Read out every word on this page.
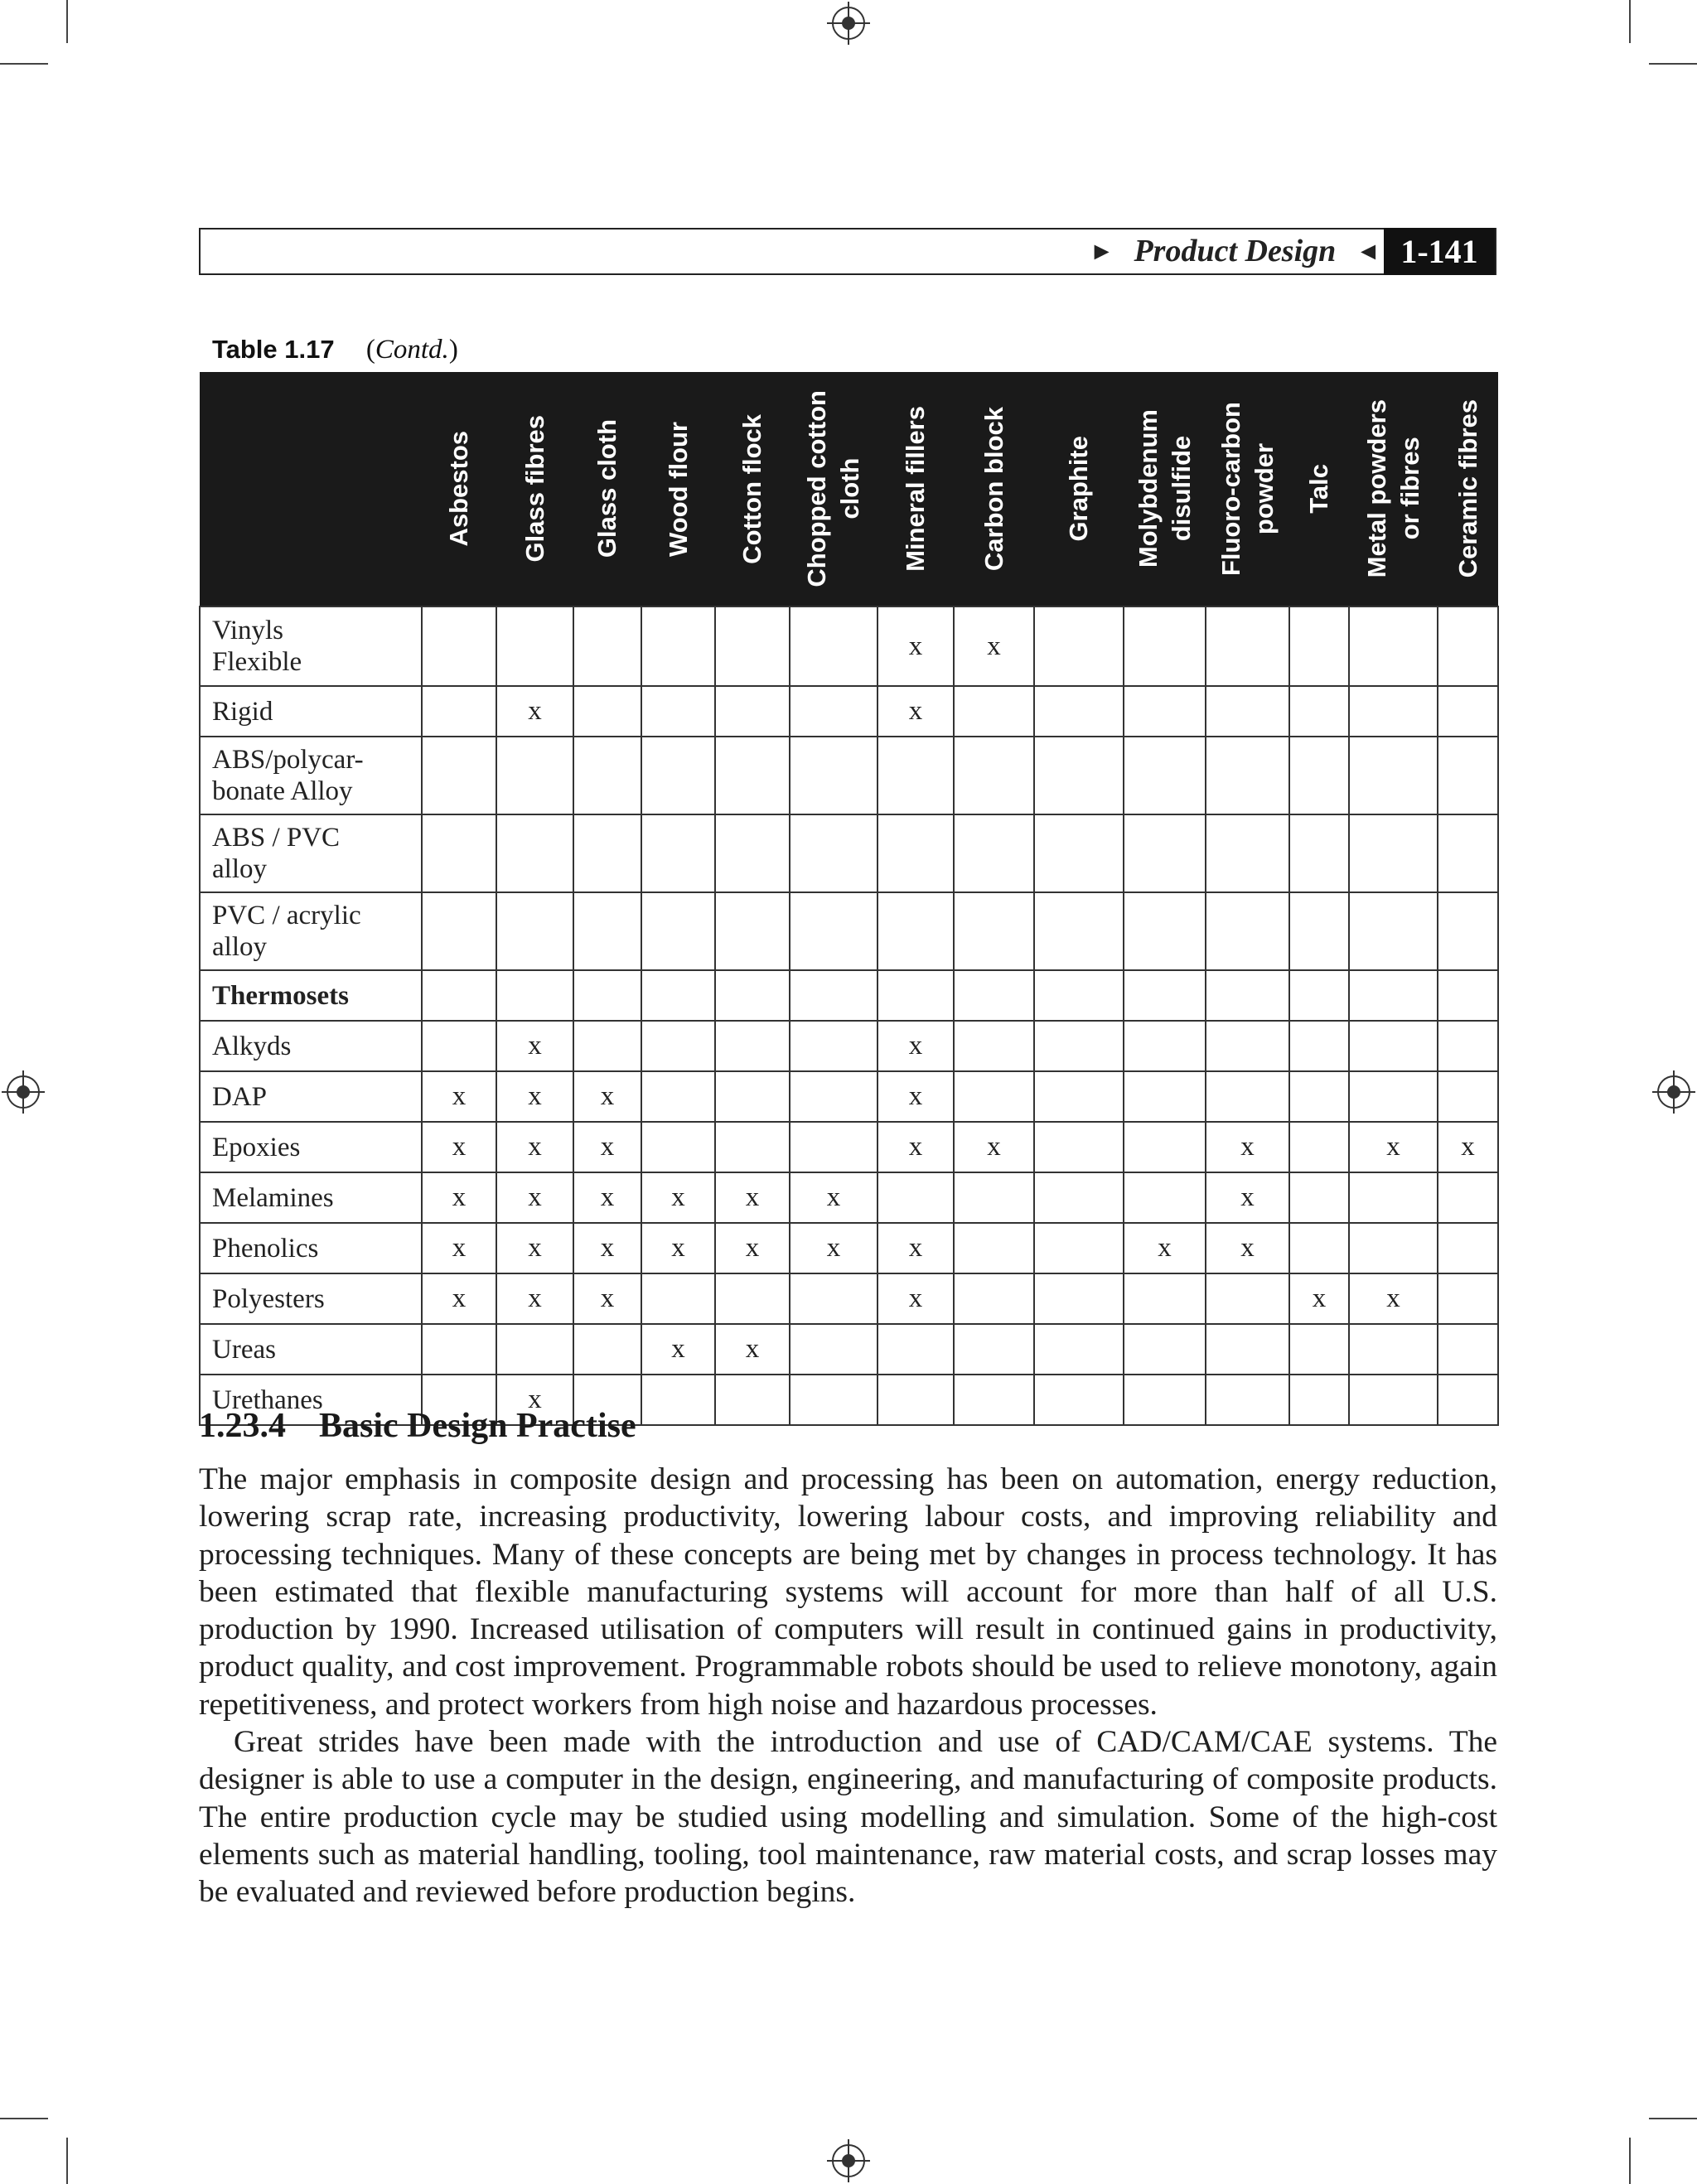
► Product Design ◄ 1-141
Table 1.17 (Contd.)

	Asbestos	Glass fibres	Glass cloth	Wood flour	Cotton flock	Chopped cotton
cloth	Mineral fillers	Carbon block	Graphite	Molybdenum
disulfide	Fluoro-carbon
powder	Talc	Metal powders
or fibres	Ceramic fibres

Vinyls
Flexible							x	x						
Rigid		x					x							
ABS/polycar-
bonate Alloy														
ABS / PVC
alloy														
PVC / acrylic
alloy														
Thermosets														
Alkyds		x					x							
DAP	x	x	x				x							
Epoxies	x	x	x				x	x			x		x	x
Melamines	x	x	x	x	x	x					x			
Phenolics	x	x	x	x	x	x	x			x	x			
Polyesters	x	x	x				x					x	x	
Ureas				x	x									
Urethanes		x												
1.23.4 Basic Design Practise

The major emphasis in composite design and processing has been on automation, energy reduction, lowering scrap rate, increasing productivity, lowering labour costs, and improving reliability and processing techniques. Many of these concepts are being met by changes in process technology. It has been estimated that flexible manufacturing systems will account for more than half of all U.S. production by 1990. Increased utilisation of computers will result in continued gains in productivity, product quality, and cost improvement. Programmable robots should be used to relieve monotony, again repetitiveness, and protect workers from high noise and hazardous processes.

Great strides have been made with the introduction and use of CAD/CAM/CAE systems. The designer is able to use a computer in the design, engineering, and manufacturing of composite products. The entire production cycle may be studied using modelling and simulation. Some of the high-cost elements such as material handling, tooling, tool maintenance, raw material costs, and scrap losses may be evaluated and reviewed before production begins.
